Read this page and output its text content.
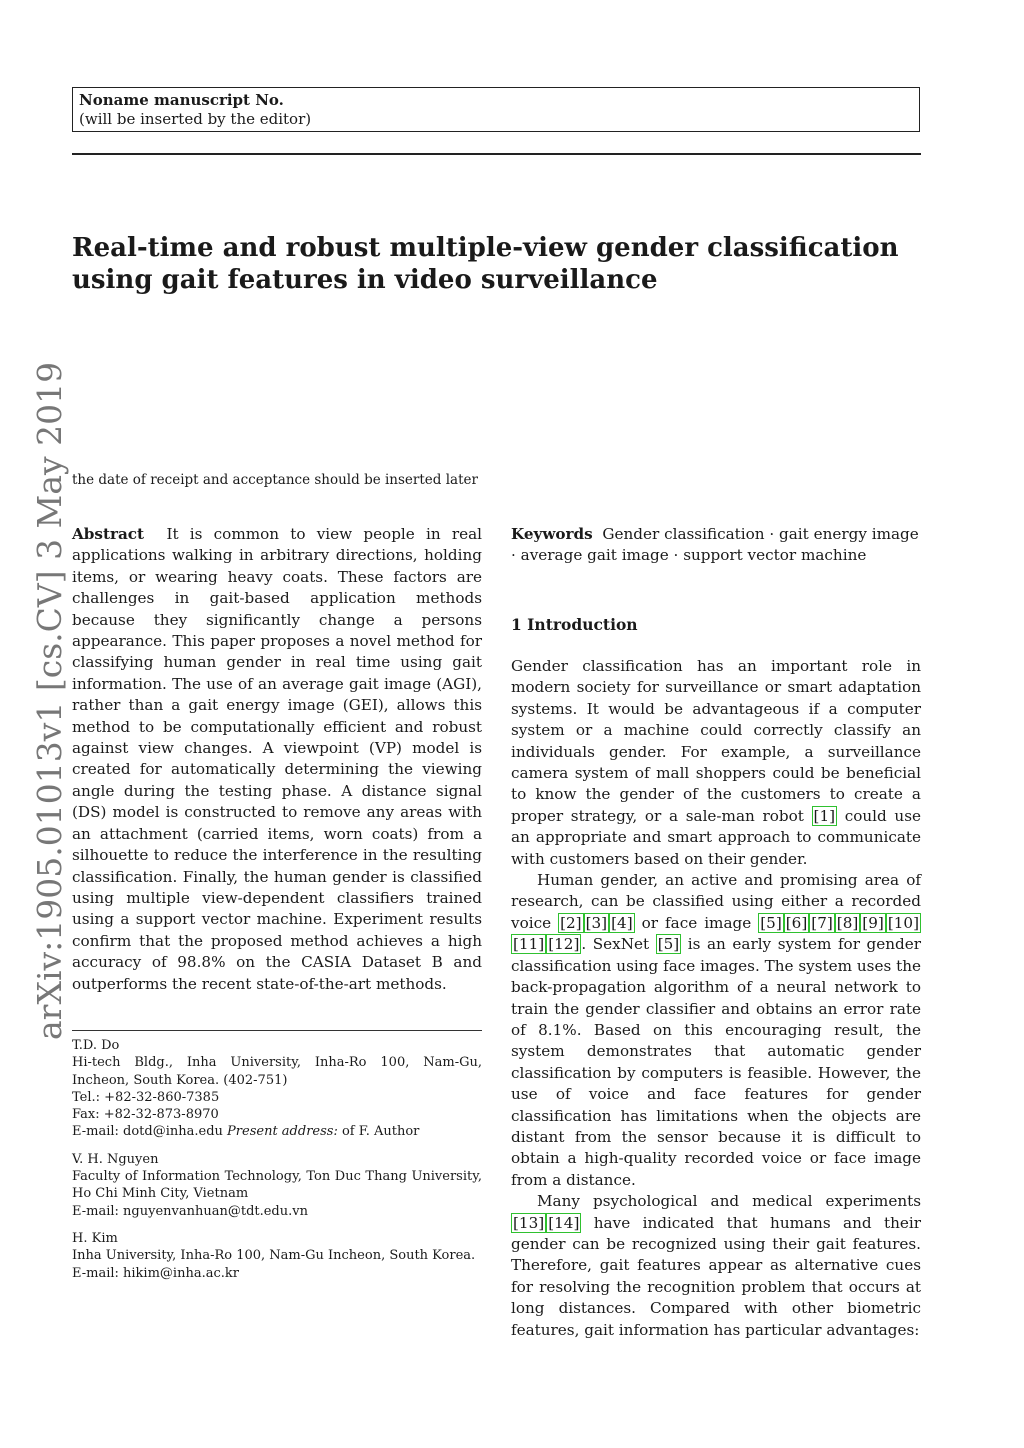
Noname manuscript No.
(will be inserted by the editor)
Real-time and robust multiple-view gender classification using gait features in video surveillance
arXiv:1905.01013v1 [cs.CV] 3 May 2019 the date of receipt and acceptance should be inserted later

Abstract It is common to view people in real applications walking in arbitrary directions, holding items, or wearing heavy coats. These factors are challenges in gait-based application methods because they significantly change a persons appearance. This paper proposes a novel method for classifying human gender in real time using gait information. The use of an average gait image (AGI), rather than a gait energy image (GEI), allows this method to be computationally efficient and robust against view changes. A viewpoint (VP) model is created for automatically determining the viewing angle during the testing phase. A distance signal (DS) model is constructed to remove any areas with an attachment (carried items, worn coats) from a silhouette to reduce the interference in the resulting classification. Finally, the human gender is classified using multiple view-dependent classifiers trained using a support vector machine. Experiment results confirm that the proposed method achieves a high accuracy of 98.8% on the CASIA Dataset B and outperforms the recent state-of-the-art methods.

Keywords Gender classification · gait energy image · average gait image · support vector machine

1 Introduction

Gender classification has an important role in modern society for surveillance or smart adaptation systems. It would be advantageous if a computer system or a machine could correctly classify an individuals gender. For example, a surveillance camera system of mall shoppers could be beneficial to know the gender of the customers to create a proper strategy, or a sale-man robot [1] could use an appropriate and smart approach to communicate with customers based on their gender.

Human gender, an active and promising area of research, can be classified using either a recorded voice [2] [3] [4] or face image [5] [6] [7] [8] [9] [10][11] [12] . SexNet [5] is an early system for gender classification using face images. The system uses the back-propagation algorithm of a neural network to train the gender classifier and obtains an error rate of 8.1%. Based on this encouraging result, the system demonstrates that automatic gender classification by computers is feasible. However, the use of voice and face features for gender classification has limitations when the objects are distant from the sensor because it is difficult to obtain a high-quality recorded voice or face image from a distance.

Many psychological and medical experiments [13] [14] have indicated that humans and their gender can be recognized using their gait features. Therefore, gait features appear as alternative cues for resolving the recognition problem that occurs at long distances. Compared with other biometric features, gait information has particular advantages:

T.D. Do
Hi-tech Bldg., Inha University, Inha-Ro 100, Nam-Gu, Incheon, South Korea. (402-751)
Tel.: +82-32-860-7385
Fax: +82-32-873-8970
E-mail: dotd@inha.edu Present address: of F. Author
V. H. Nguyen
Faculty of Information Technology, Ton Duc Thang University, Ho Chi Minh City, Vietnam
E-mail: nguyenvanhuan@tdt.edu.vn
H. Kim
Inha University, Inha-Ro 100, Nam-Gu Incheon, South Korea.
E-mail: hikim@inha.ac.kr
